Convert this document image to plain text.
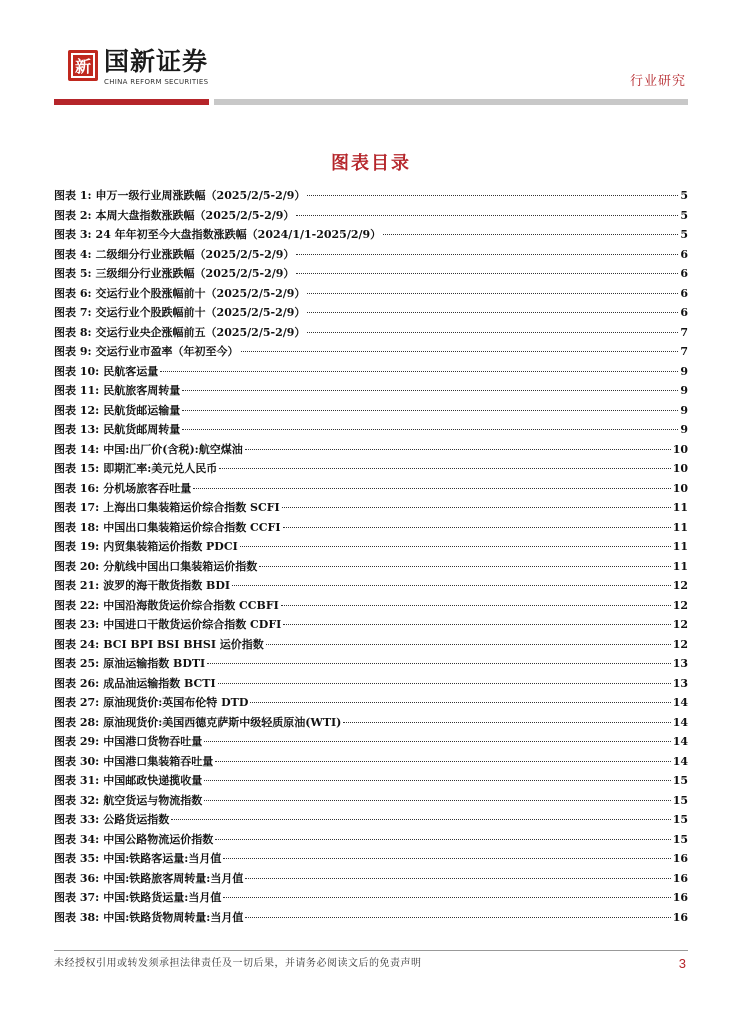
新 国新证券
CHINA REFORM SECURITIES	行业研究
图表目录
图表 1: 申万一级行业周涨跌幅（2025/2/5-2/9）	5
图表 2: 本周大盘指数涨跌幅（2025/2/5-2/9）	5
图表 3: 24 年年初至今大盘指数涨跌幅（2024/1/1-2025/2/9）	5
图表 4: 二级细分行业涨跌幅（2025/2/5-2/9）	6
图表 5: 三级细分行业涨跌幅（2025/2/5-2/9）	6
图表 6: 交运行业个股涨幅前十（2025/2/5-2/9）	6
图表 7: 交运行业个股跌幅前十（2025/2/5-2/9）	6
图表 8: 交运行业央企涨幅前五（2025/2/5-2/9）	7
图表 9: 交运行业市盈率（年初至今）	7
图表 10: 民航客运量	9
图表 11: 民航旅客周转量	9
图表 12: 民航货邮运输量	9
图表 13: 民航货邮周转量	9
图表 14: 中国:出厂价(含税):航空煤油	10
图表 15: 即期汇率:美元兑人民币	10
图表 16: 分机场旅客吞吐量	10
图表 17: 上海出口集装箱运价综合指数 SCFI	11
图表 18: 中国出口集装箱运价综合指数 CCFI	11
图表 19: 内贸集装箱运价指数 PDCI	11
图表 20: 分航线中国出口集装箱运价指数	11
图表 21: 波罗的海干散货指数 BDI	12
图表 22: 中国沿海散货运价综合指数 CCBFI	12
图表 23: 中国进口干散货运价综合指数 CDFI	12
图表 24: BCI BPI BSI BHSI 运价指数	12
图表 25: 原油运输指数 BDTI	13
图表 26: 成品油运输指数 BCTI	13
图表 27: 原油现货价:英国布伦特 DTD	14
图表 28: 原油现货价:美国西德克萨斯中级轻质原油(WTI)	14
图表 29: 中国港口货物吞吐量	14
图表 30: 中国港口集装箱吞吐量	14
图表 31: 中国邮政快递揽收量	15
图表 32: 航空货运与物流指数	15
图表 33: 公路货运指数	15
图表 34: 中国公路物流运价指数	15
图表 35: 中国:铁路客运量:当月值	16
图表 36: 中国:铁路旅客周转量:当月值	16
图表 37: 中国:铁路货运量:当月值	16
图表 38: 中国:铁路货物周转量:当月值	16
未经授权引用或转发须承担法律责任及一切后果，并请务必阅读文后的免责声明	3
